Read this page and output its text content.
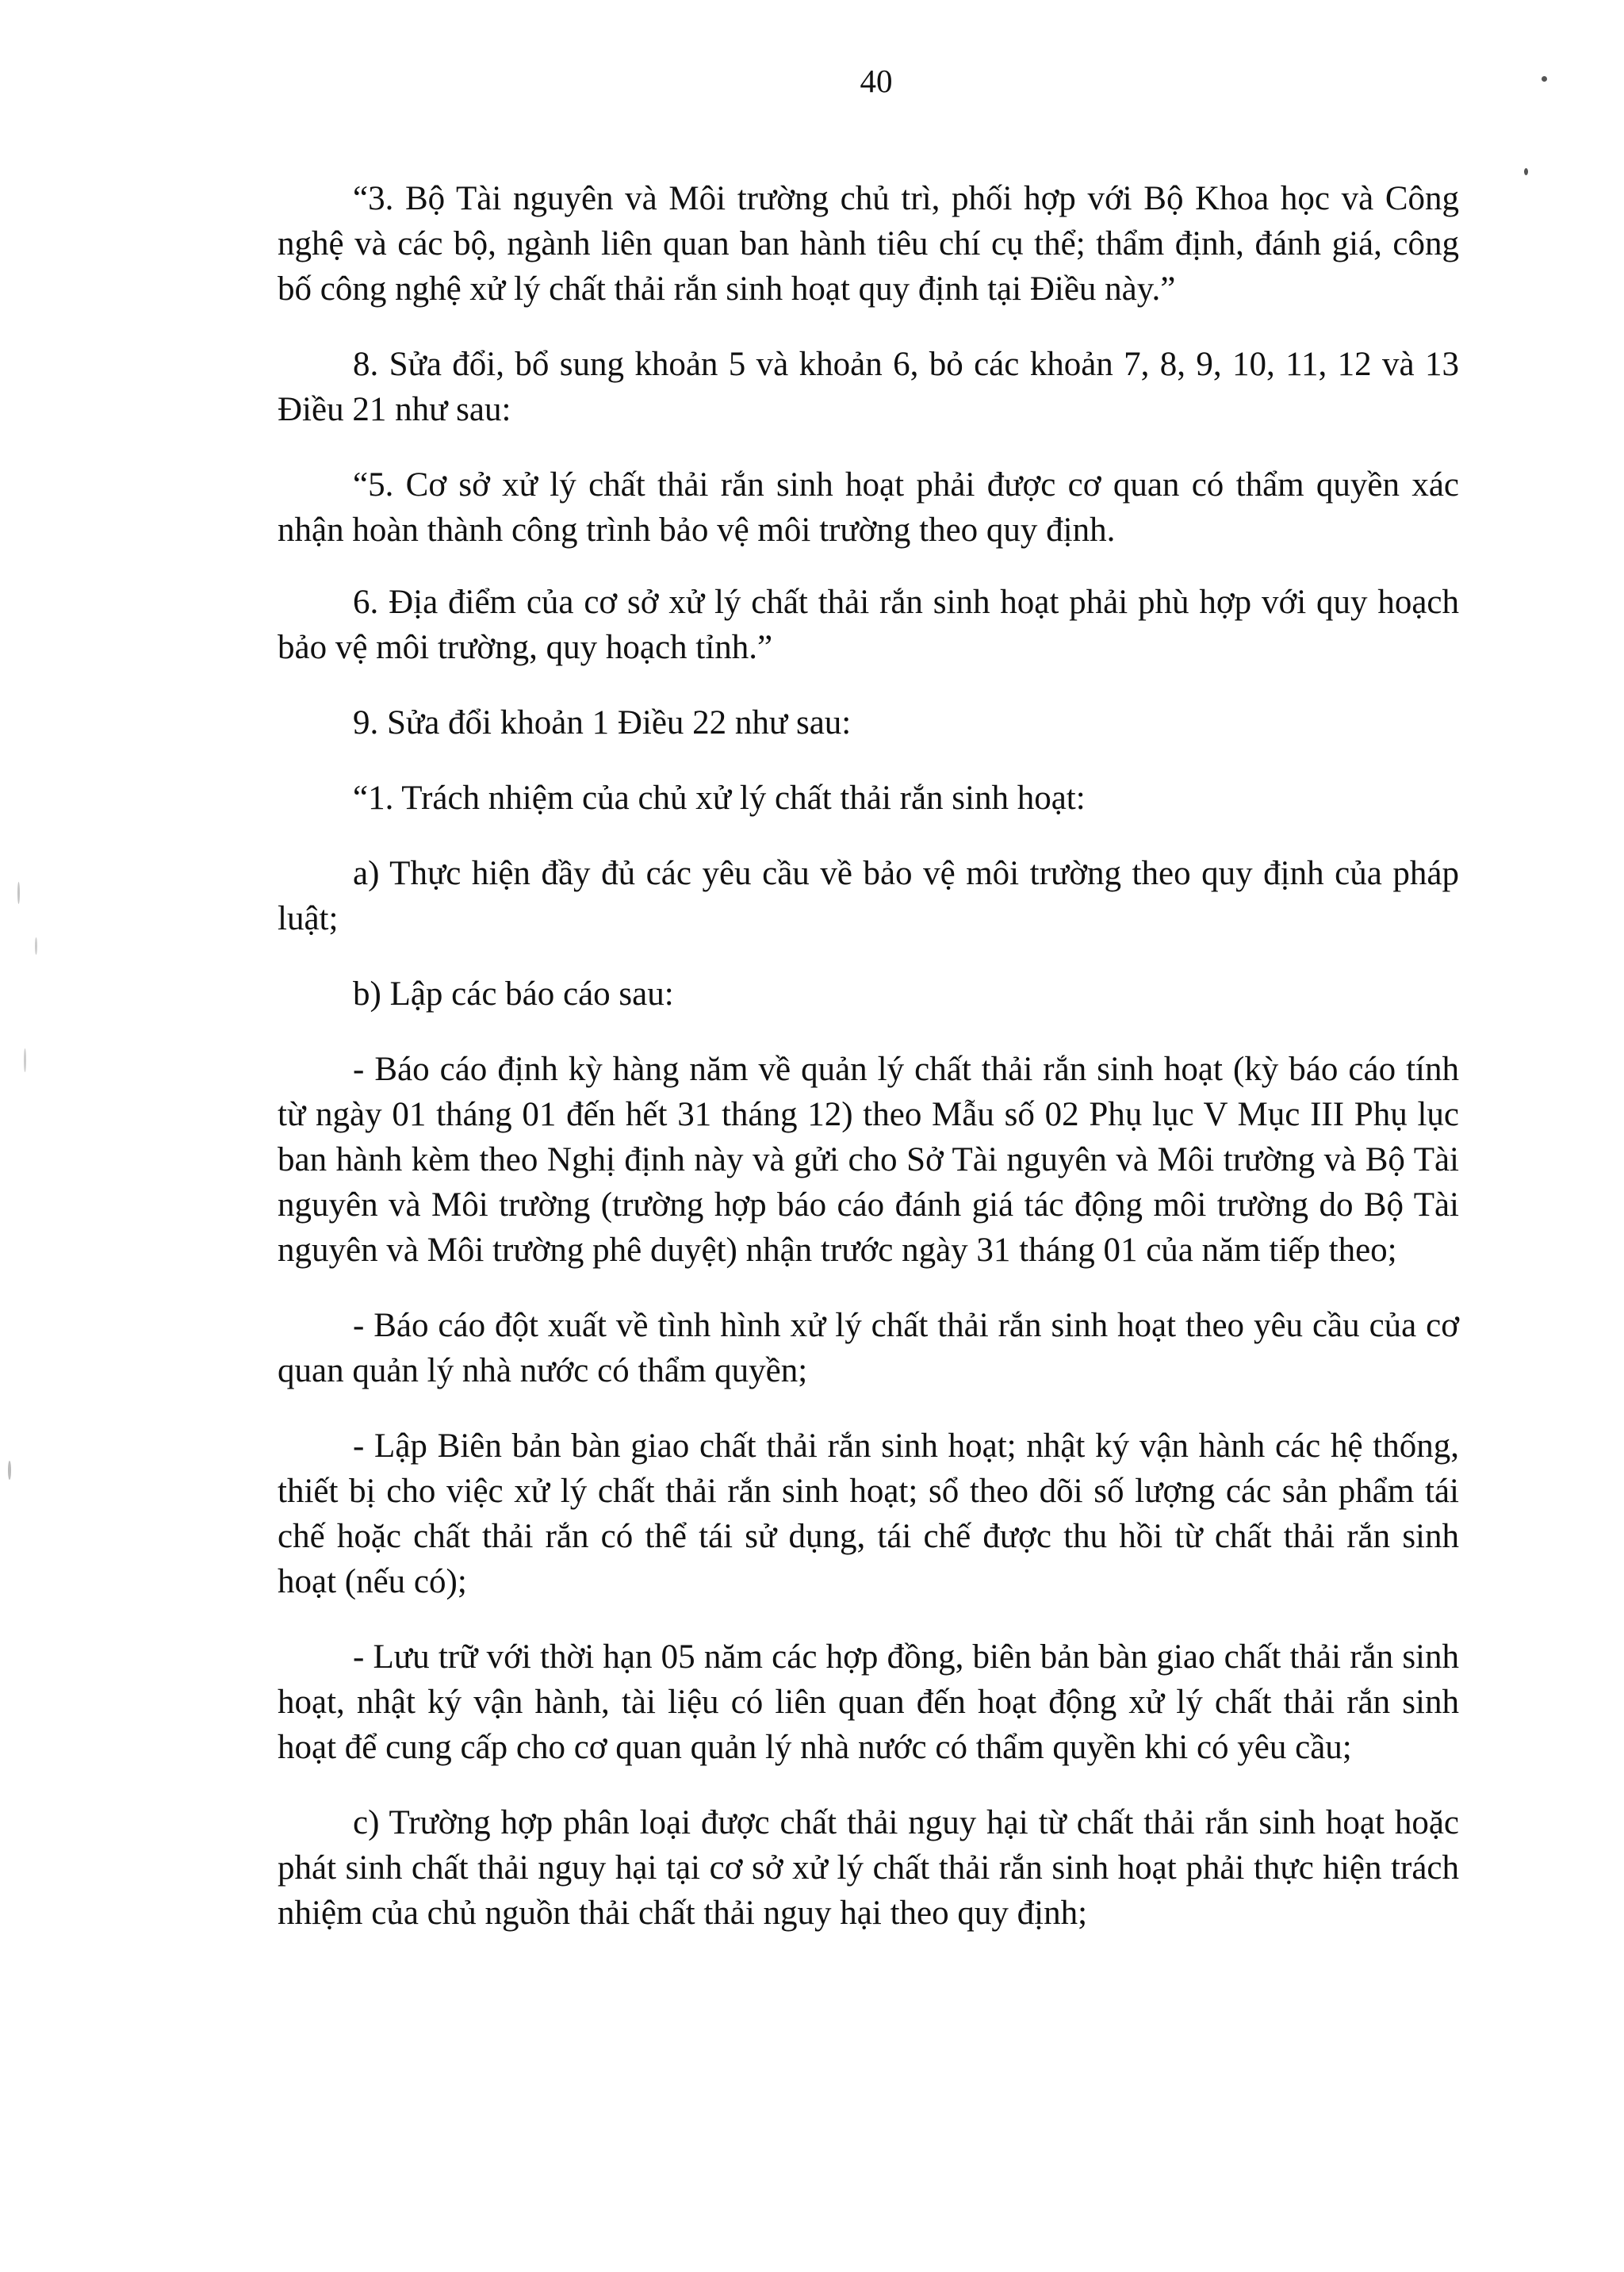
40

“3. Bộ Tài nguyên và Môi trường chủ trì, phối hợp với Bộ Khoa học và Công nghệ và các bộ, ngành liên quan ban hành tiêu chí cụ thể; thẩm định, đánh giá, công bố công nghệ xử lý chất thải rắn sinh hoạt quy định tại Điều này.”

8. Sửa đổi, bổ sung khoản 5 và khoản 6, bỏ các khoản 7, 8, 9, 10, 11, 12 và 13 Điều 21 như sau:

“5. Cơ sở xử lý chất thải rắn sinh hoạt phải được cơ quan có thẩm quyền xác nhận hoàn thành công trình bảo vệ môi trường theo quy định.

6. Địa điểm của cơ sở xử lý chất thải rắn sinh hoạt phải phù hợp với quy hoạch bảo vệ môi trường, quy hoạch tỉnh.”

9. Sửa đổi khoản 1 Điều 22 như sau:

“1. Trách nhiệm của chủ xử lý chất thải rắn sinh hoạt:

a) Thực hiện đầy đủ các yêu cầu về bảo vệ môi trường theo quy định của pháp luật;

b) Lập các báo cáo sau:

- Báo cáo định kỳ hàng năm về quản lý chất thải rắn sinh hoạt (kỳ báo cáo tính từ ngày 01 tháng 01 đến hết 31 tháng 12) theo Mẫu số 02 Phụ lục V Mục III Phụ lục ban hành kèm theo Nghị định này và gửi cho Sở Tài nguyên và Môi trường và Bộ Tài nguyên và Môi trường (trường hợp báo cáo đánh giá tác động môi trường do Bộ Tài nguyên và Môi trường phê duyệt) nhận trước ngày 31 tháng 01 của năm tiếp theo;

- Báo cáo đột xuất về tình hình xử lý chất thải rắn sinh hoạt theo yêu cầu của cơ quan quản lý nhà nước có thẩm quyền;

- Lập Biên bản bàn giao chất thải rắn sinh hoạt; nhật ký vận hành các hệ thống, thiết bị cho việc xử lý chất thải rắn sinh hoạt; sổ theo dõi số lượng các sản phẩm tái chế hoặc chất thải rắn có thể tái sử dụng, tái chế được thu hồi từ chất thải rắn sinh hoạt (nếu có);

- Lưu trữ với thời hạn 05 năm các hợp đồng, biên bản bàn giao chất thải rắn sinh hoạt, nhật ký vận hành, tài liệu có liên quan đến hoạt động xử lý chất thải rắn sinh hoạt để cung cấp cho cơ quan quản lý nhà nước có thẩm quyền khi có yêu cầu;

c) Trường hợp phân loại được chất thải nguy hại từ chất thải rắn sinh hoạt hoặc phát sinh chất thải nguy hại tại cơ sở xử lý chất thải rắn sinh hoạt phải thực hiện trách nhiệm của chủ nguồn thải chất thải nguy hại theo quy định;
